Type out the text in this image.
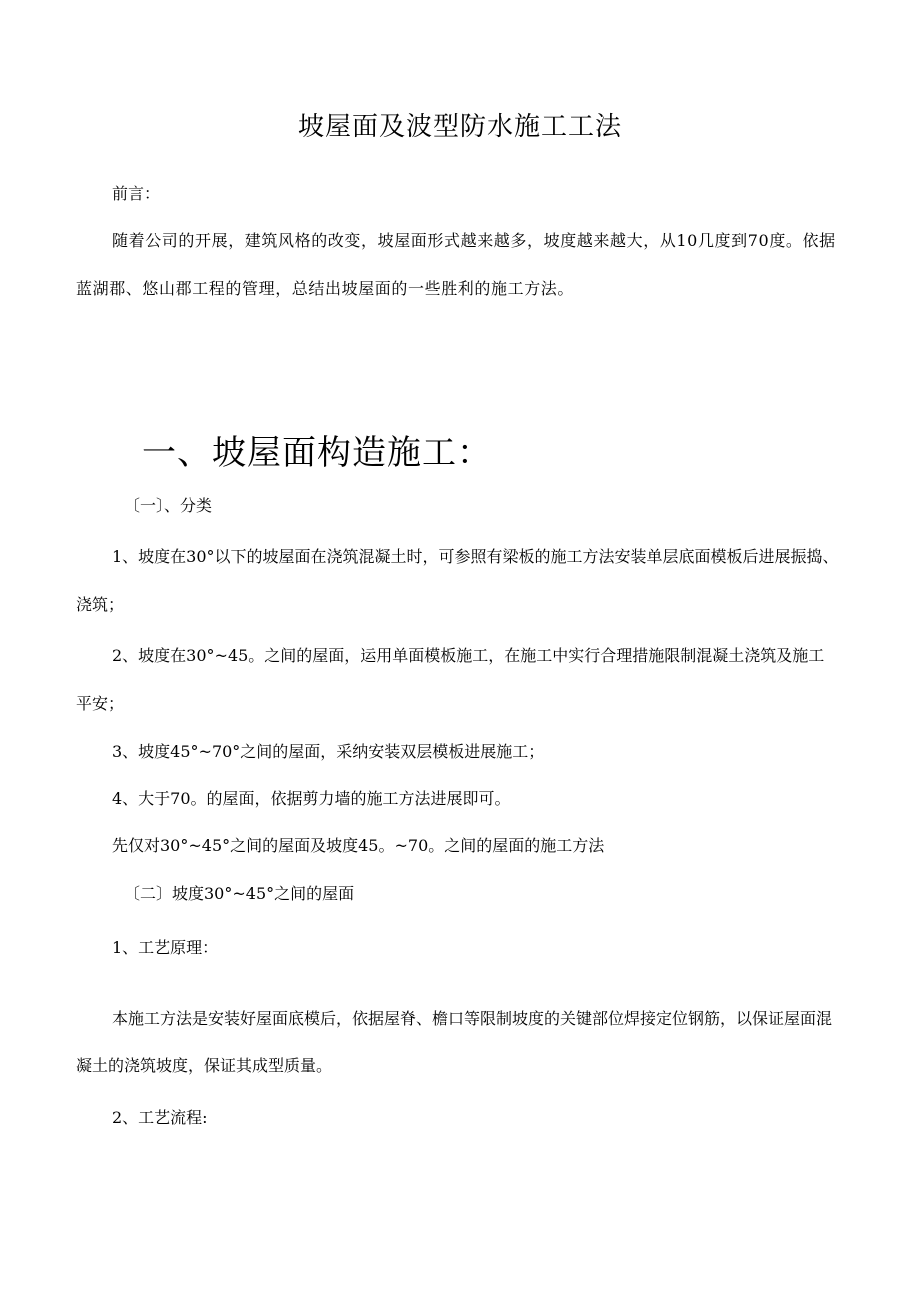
坡屋面及波型防水施工工法
前言：
随着公司的开展，建筑风格的改变，坡屋面形式越来越多，坡度越来越大，从10几度到70度。依据
蓝湖郡、悠山郡工程的管理，总结出坡屋面的一些胜利的施工方法。
一、坡屋面构造施工：
〔一〕、分类
1、坡度在30°以下的坡屋面在浇筑混凝土时，可参照有梁板的施工方法安装单层底面模板后进展振捣、
浇筑；
2、坡度在30°~45。之间的屋面，运用单面模板施工，在施工中实行合理措施限制混凝土浇筑及施工
平安；
3、坡度45°~70°之间的屋面，采纳安装双层模板进展施工；
4、大于70。的屋面，依据剪力墙的施工方法进展即可。
先仅对30°~45°之间的屋面及坡度45。~70。之间的屋面的施工方法
〔二〕坡度30°~45°之间的屋面
1、工艺原理：
本施工方法是安装好屋面底模后，依据屋脊、檐口等限制坡度的关键部位焊接定位钢筋，以保证屋面混
凝土的浇筑坡度，保证其成型质量。
2、工艺流程:
